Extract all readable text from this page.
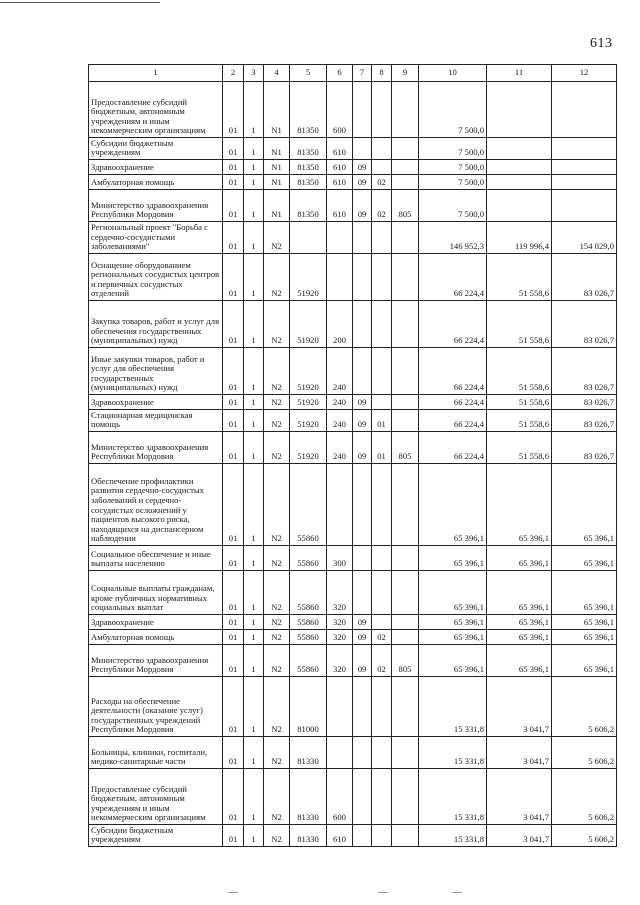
613
1	2	3	4	5	6	7	8	9	10	11	12
Предоставление субсидий бюджетным, автономным учреждениям и иным некоммерческим организациям	01	1	N1	81350	600				7 500,0		
Субсидии бюджетным учреждениям	01	1	N1	81350	610				7 500,0		
Здравоохранение	01	1	N1	81350	610	09			7 500,0		
Амбулаторная помощь	01	1	N1	81350	610	09	02		7 500,0		
Министерство здравоохранения Республики Мордовия	01	1	N1	81350	610	09	02	805	7 500,0		
Региональный проект "Борьба с сердечно-сосудистыми заболеваниями"	01	1	N2						146 952,3	119 996,4	154 029,0
Оснащение оборудованием региональных сосудистых центров и первичных сосудистых отделений	01	1	N2	51920					66 224,4	51 558,6	83 026,7
Закупка товаров, работ и услуг для обеспечения государственных (муниципальных) нужд	01	1	N2	51920	200				66 224,4	51 558,6	83 026,7
Иные закупки товаров, работ и услуг для обеспечения государственных (муниципальных) нужд	01	1	N2	51920	240				66 224,4	51 558,6	83 026,7
Здравоохранение	01	1	N2	51920	240	09			66 224,4	51 558,6	83 026,7
Стационарная медицинская помощь	01	1	N2	51920	240	09	01		66 224,4	51 558,6	83 026,7
Министерство здравоохранения Республики Мордовия	01	1	N2	51920	240	09	01	805	66 224,4	51 558,6	83 026,7
Обеспечение профилактики развития сердечно-сосудистых заболеваний и сердечно-сосудистых осложнений у пациентов высокого риска, находящихся на диспансерном наблюдении	01	1	N2	55860					65 396,1	65 396,1	65 396,1
Социальное обеспечение и иные выплаты населению	01	1	N2	55860	300				65 396,1	65 396,1	65 396,1
Социальные выплаты гражданам, кроме публичных нормативных социальных выплат	01	1	N2	55860	320				65 396,1	65 396,1	65 396,1
Здравоохранение	01	1	N2	55860	320	09			65 396,1	65 396,1	65 396,1
Амбулаторная помощь	01	1	N2	55860	320	09	02		65 396,1	65 396,1	65 396,1
Министерство здравоохранения Республики Мордовия	01	1	N2	55860	320	09	02	805	65 396,1	65 396,1	65 396,1
Расходы на обеспечение деятельности (оказание услуг) государственных учреждений Республики Мордовия	01	1	N2	81000					15 331,8	3 041,7	5 606,2
Больницы, клиники, госпитали, медико-санитарные части	01	1	N2	81330					15 331,8	3 041,7	5 606,2
Предоставление субсидий бюджетным, автономным учреждениям и иным некоммерческим организациям	01	1	N2	81330	600				15 331,8	3 041,7	5 606,2
Субсидии бюджетным учреждениям	01	1	N2	81330	610				15 331,8	3 041,7	5 606,2
